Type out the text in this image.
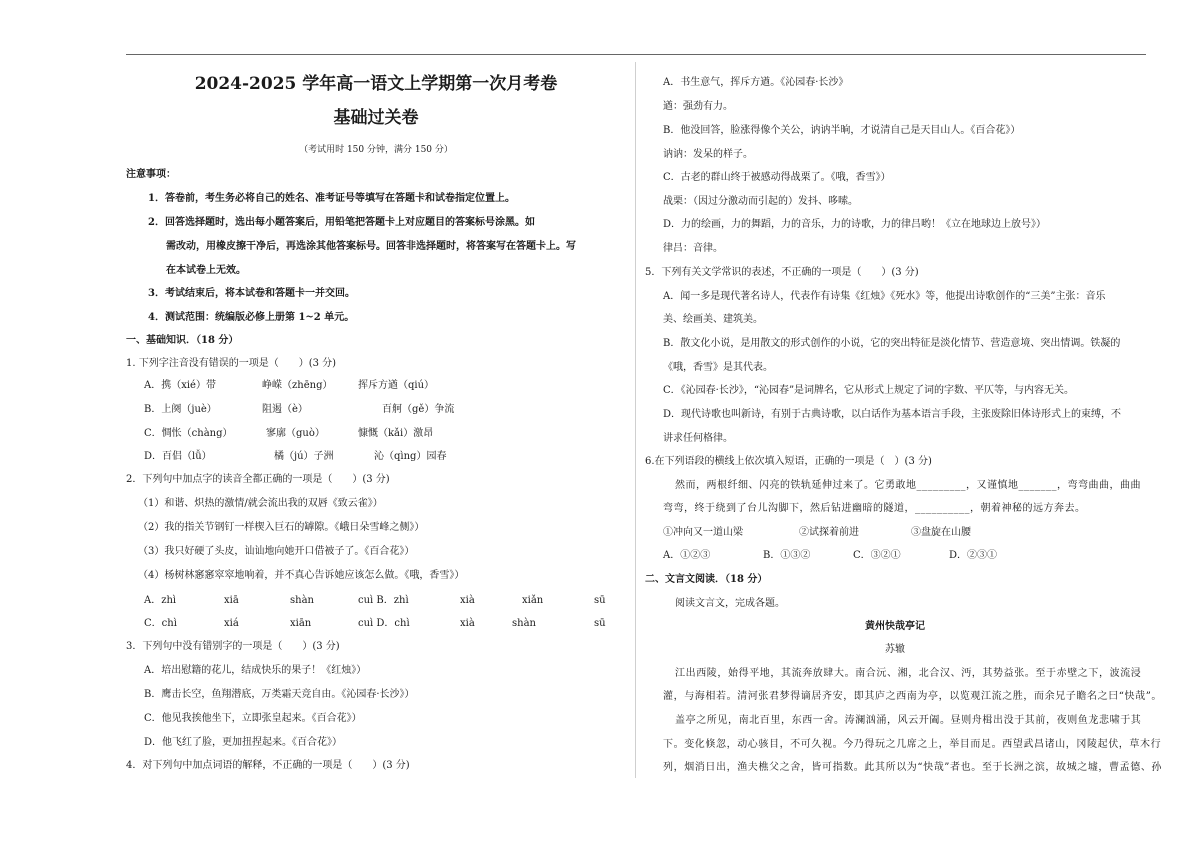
2024-2025 学年高一语文上学期第一次月考卷
基础过关卷
（考试用时 150 分钟，满分 150 分）
注意事项：
1．答卷前，考生务必将自己的姓名、准考证号等填写在答题卡和试卷指定位置上。
2．回答选择题时，选出每小题答案后，用铅笔把答题卡上对应题目的答案标号涂黑。如
需改动，用橡皮擦干净后，再选涂其他答案标号。回答非选择题时，将答案写在答题卡上。写
在本试卷上无效。
3．考试结束后，将本试卷和答题卡一并交回。
4．测试范围：统编版必修上册第 1~2 单元。
一、基础知识．（18 分）
1. 下列字注音没有错误的一项是（　　）(3 分)
A．携（xié）带	峥嵘（zhēng）	挥斥方遒（qiú）
B．上阕（juè）	阻遏（è）	百舸（gě）争流
C．惆怅（chàng）	寥廓（guò）	慷慨（kǎi）激昂
D．百侣（lǚ）	橘（jú）子洲	沁（qìng）园春
2．下列句中加点字的读音全都正确的一项是（　　）(3 分)
（1）和谐、炽热的激情/就会流出我的双唇《致云雀》）
（2）我的指关节钢钉一样楔入巨石的罅隙。《峨日朵雪峰之侧》）
（3）我只好硬了头皮，讪讪地向她开口借被子了。《百合花》）
（4）杨树林窸窸窣窣地响着，并不真心告诉她应该怎么做。《哦，香雪》）
A．zhì	xiā	shàn	cuì B．zhì	xià	xiǎn	sū
C．chì	xiá	xiān	cuì D．chì	xià	shàn	sū
3．下列句中没有错别字的一项是（　　）(3 分)
A．培出慰籍的花儿，结成快乐的果子！《红烛》）
B．鹰击长空，鱼翔潜底，万类霜天竞自由。《沁园春·长沙》）
C．他见我挨他坐下，立即张皇起来。《百合花》）
D．他飞红了脸，更加扭捏起来。《百合花》）
4．对下列句中加点词语的解释，不正确的一项是（　　）(3 分)
A．书生意气，挥斥方遒。《沁园春·长沙》
遒：强劲有力。
B．他没回答，脸涨得像个关公，讷讷半晌，才说清自己是天目山人。《百合花》）
讷讷：发呆的样子。
C．古老的群山终于被感动得战栗了。《哦，香雪》）
战栗：（因过分激动而引起的）发抖、哆嗦。
D．力的绘画，力的舞蹈，力的音乐，力的诗歌，力的律吕哟！《立在地球边上放号》）
律吕：音律。
5．下列有关文学常识的表述，不正确的一项是（　　）(3 分)
A．闻一多是现代著名诗人，代表作有诗集《红烛》《死水》等，他提出诗歌创作的“三美”主张：音乐
美、绘画美、建筑美。
B．散文化小说，是用散文的形式创作的小说，它的突出特征是淡化情节、营造意境、突出情调。铁凝的
《哦，香雪》是其代表。
C．《沁园春·长沙》，“沁园春”是词牌名，它从形式上规定了词的字数、平仄等，与内容无关。
D．现代诗歌也叫新诗，有别于古典诗歌，以白话作为基本语言手段，主张废除旧体诗形式上的束缚，不
讲求任何格律。
6.在下列语段的横线上依次填入短语，正确的一项是（　）(3 分)
然而，两根纤细、闪亮的铁轨延伸过来了。它勇敢地_________，又谨慎地_______，弯弯曲曲，曲曲
弯弯，终于绕到了台儿沟脚下，然后钻进幽暗的隧道，__________，朝着神秘的远方奔去。
①冲向又一道山梁	②试探着前进	③盘旋在山腰
A．①②③	B．①③②	C．③②①	D．②③①
二、文言文阅读．（18 分）
阅读文言文，完成各题。
黄州快哉亭记
苏辙
江出西陵，始得平地，其流奔放肆大。南合沅、湘，北合汉、沔，其势益张。至于赤壁之下，波流浸
灌，与海相若。清河张君梦得谪居齐安，即其庐之西南为亭，以览观江流之胜，而余兄子瞻名之曰“快哉”。
盖亭之所见，南北百里，东西一舍。涛澜汹涌，风云开阖。昼则舟楫出没于其前，夜则鱼龙悲啸于其
下。变化倏忽，动心骇目，不可久视。今乃得玩之几席之上，举目而足。西望武昌诸山，冈陵起伏，草木行
列，烟消日出，渔夫樵父之舍，皆可指数。此其所以为“快哉”者也。至于长洲之滨，故城之墟，曹孟德、孙
